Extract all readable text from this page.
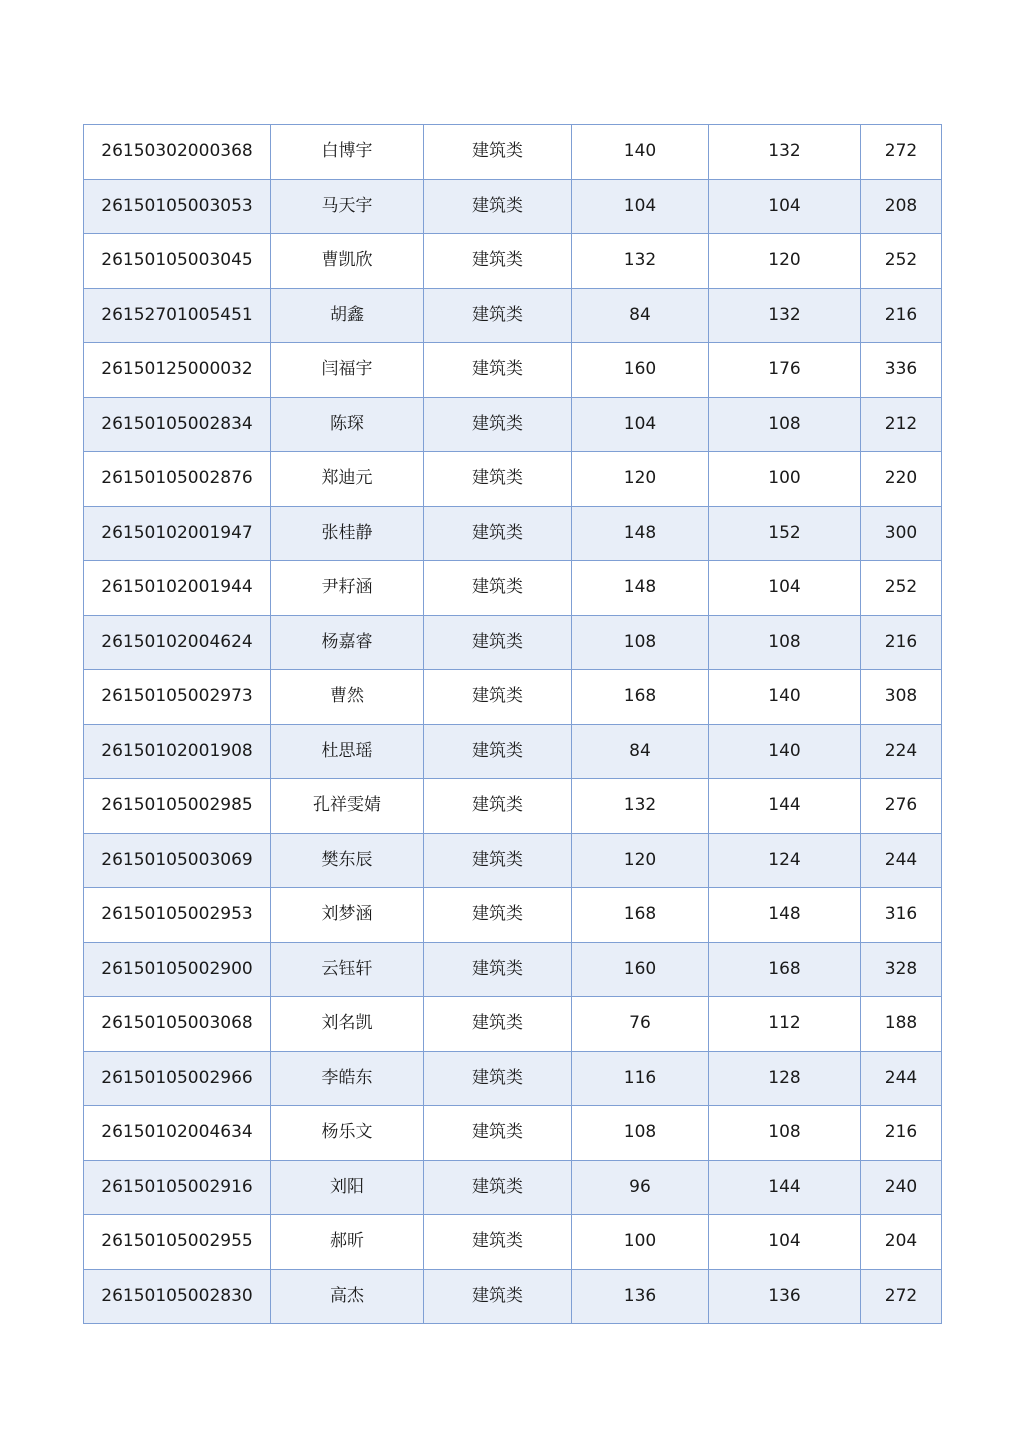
26150302000368	白博宇	建筑类	140	132	272
26150105003053	马天宇	建筑类	104	104	208
26150105003045	曹凯欣	建筑类	132	120	252
26152701005451	胡鑫	建筑类	84	132	216
26150125000032	闫福宇	建筑类	160	176	336
26150105002834	陈琛	建筑类	104	108	212
26150105002876	郑迪元	建筑类	120	100	220
26150102001947	张桂静	建筑类	148	152	300
26150102001944	尹耔涵	建筑类	148	104	252
26150102004624	杨嘉睿	建筑类	108	108	216
26150105002973	曹然	建筑类	168	140	308
26150102001908	杜思瑶	建筑类	84	140	224
26150105002985	孔祥雯婧	建筑类	132	144	276
26150105003069	樊东辰	建筑类	120	124	244
26150105002953	刘梦涵	建筑类	168	148	316
26150105002900	云钰轩	建筑类	160	168	328
26150105003068	刘名凯	建筑类	76	112	188
26150105002966	李皓东	建筑类	116	128	244
26150102004634	杨乐文	建筑类	108	108	216
26150105002916	刘阳	建筑类	96	144	240
26150105002955	郝昕	建筑类	100	104	204
26150105002830	高杰	建筑类	136	136	272
